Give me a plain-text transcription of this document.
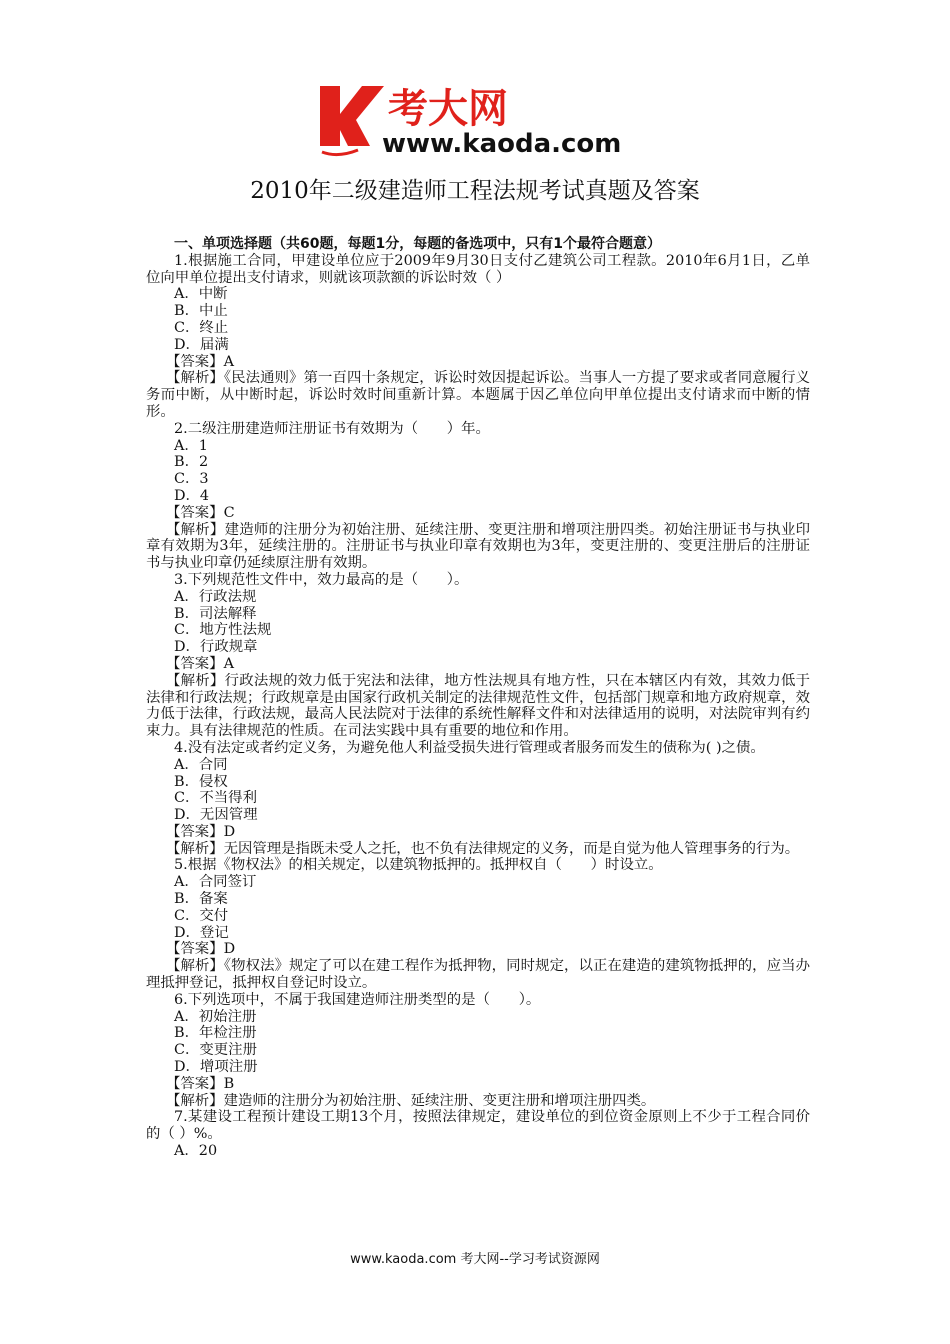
考大网
www.kaoda.com
2010年二级建造师工程法规考试真题及答案
一、单项选择题（共60题，每题1分，每题的备选项中，只有1个最符合题意）
1.根据施工合同，甲建设单位应于2009年9月30日支付乙建筑公司工程款。2010年6月1日，乙单位向甲单位提出支付请求，则就该项款额的诉讼时效（ ）
A．中断
B．中止
C．终止
D．届满
【答案】A
【解析】《民法通则》第一百四十条规定，诉讼时效因提起诉讼。当事人一方提了要求或者同意履行义务而中断，从中断时起，诉讼时效时间重新计算。本题属于因乙单位向甲单位提出支付请求而中断的情形。
2.二级注册建造师注册证书有效期为（　　）年。
A．1
B．2
C．3
D．4
【答案】C
【解析】建造师的注册分为初始注册、延续注册、变更注册和增项注册四类。初始注册证书与执业印章有效期为3年，延续注册的。注册证书与执业印章有效期也为3年，变更注册的、变更注册后的注册证书与执业印章仍延续原注册有效期。
3.下列规范性文件中，效力最高的是（　　）。
A．行政法规
B．司法解释
C．地方性法规
D．行政规章
【答案】A
【解析】行政法规的效力低于宪法和法律，地方性法规具有地方性，只在本辖区内有效，其效力低于法律和行政法规；行政规章是由国家行政机关制定的法律规范性文件，包括部门规章和地方政府规章，效力低于法律，行政法规，最高人民法院对于法律的系统性解释文件和对法律适用的说明，对法院审判有约束力。具有法律规范的性质。在司法实践中具有重要的地位和作用。
4.没有法定或者约定义务，为避免他人利益受损失进行管理或者服务而发生的债称为( )之债。
A．合同
B．侵权
C．不当得利
D．无因管理
【答案】D
【解析】无因管理是指既未受人之托，也不负有法律规定的义务，而是自觉为他人管理事务的行为。
5.根据《物权法》的相关规定，以建筑物抵押的。抵押权自（　　）时设立。
A．合同签订
B．备案
C．交付
D．登记
【答案】D
【解析】《物权法》规定了可以在建工程作为抵押物，同时规定，以正在建造的建筑物抵押的，应当办理抵押登记，抵押权自登记时设立。
6.下列选项中，不属于我国建造师注册类型的是（　　）。
A．初始注册
B．年检注册
C．变更注册
D．增项注册
【答案】B
【解析】建造师的注册分为初始注册、延续注册、变更注册和增项注册四类。
7.某建设工程预计建设工期13个月，按照法律规定，建设单位的到位资金原则上不少于工程合同价的（ ）%。
A．20
www.kaoda.com 考大网--学习考试资源网
